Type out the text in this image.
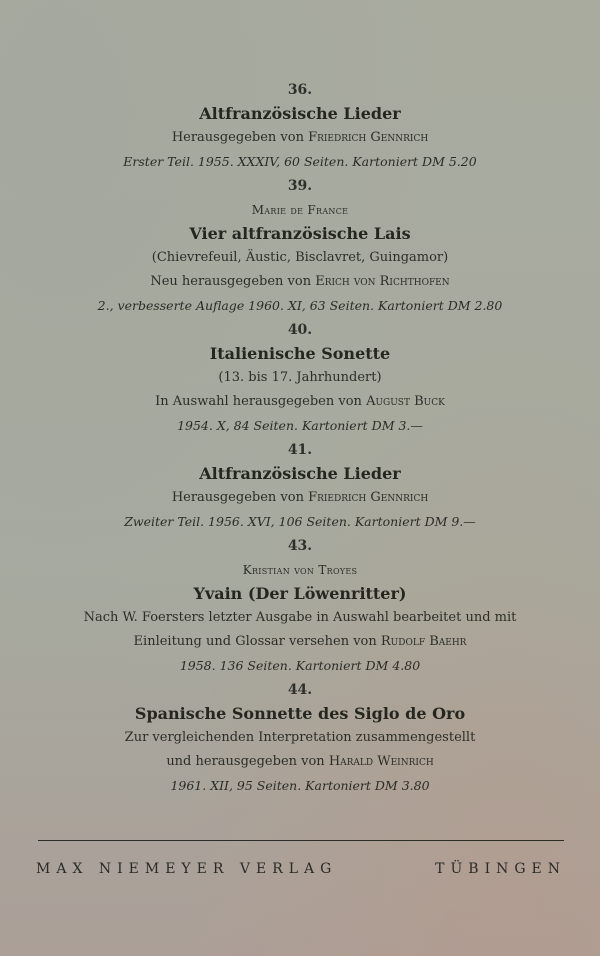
36.
Altfranzösische Lieder
Herausgegeben von Friedrich Gennrich
Erster Teil. 1955. XXXIV, 60 Seiten. Kartoniert DM 5.20
39.
Marie de France
Vier altfranzösische Lais
(Chievrefeuil, Äustic, Bisclavret, Guingamor)
Neu herausgegeben von Erich von Richthofen
2., verbesserte Auflage 1960. XI, 63 Seiten. Kartoniert DM 2.80
40.
Italienische Sonette
(13. bis 17. Jahrhundert)
In Auswahl herausgegeben von August Buck
1954. X, 84 Seiten. Kartoniert DM 3.—
41.
Altfranzösische Lieder
Herausgegeben von Friedrich Gennrich
Zweiter Teil. 1956. XVI, 106 Seiten. Kartoniert DM 9.—
43.
Kristian von Troyes
Yvain (Der Löwenritter)
Nach W. Foersters letzter Ausgabe in Auswahl bearbeitet und mit
Einleitung und Glossar versehen von Rudolf Baehr
1958. 136 Seiten. Kartoniert DM 4.80
44.
Spanische Sonnette des Siglo de Oro
Zur vergleichenden Interpretation zusammengestellt
und herausgegeben von Harald Weinrich
1961. XII, 95 Seiten. Kartoniert DM 3.80
MAX NIEMEYER VERLAG	TÜBINGEN
